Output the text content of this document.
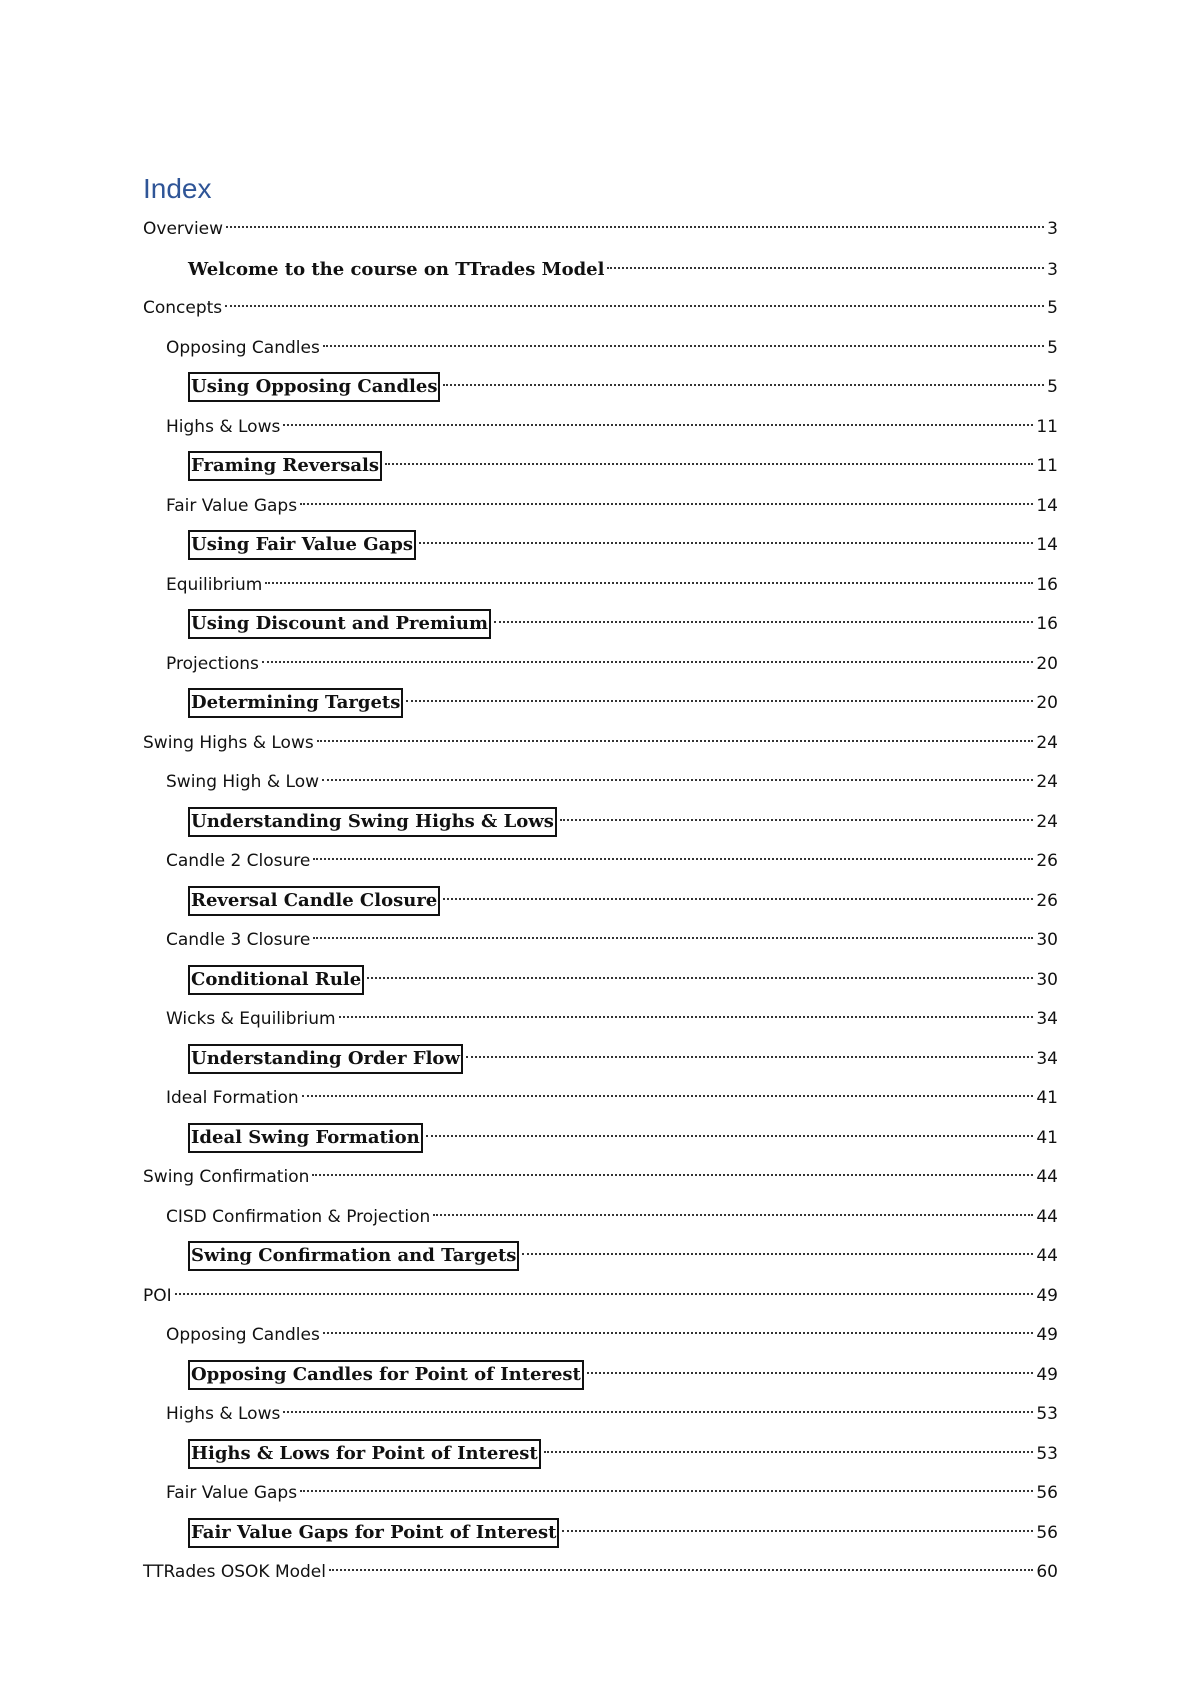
Index
Overview	3
Welcome to the course on TTrades Model	3
Concepts	5
Opposing Candles	5
Using Opposing Candles	5
Highs & Lows	11
Framing Reversals	11
Fair Value Gaps	14
Using Fair Value Gaps	14
Equilibrium	16
Using Discount and Premium	16
Projections	20
Determining Targets	20
Swing Highs & Lows	24
Swing High & Low	24
Understanding Swing Highs & Lows	24
Candle 2 Closure	26
Reversal Candle Closure	26
Candle 3 Closure	30
Conditional Rule	30
Wicks & Equilibrium	34
Understanding Order Flow	34
Ideal Formation	41
Ideal Swing Formation	41
Swing Confirmation	44
CISD Confirmation & Projection	44
Swing Confirmation and Targets	44
POI	49
Opposing Candles	49
Opposing Candles for Point of Interest	49
Highs & Lows	53
Highs & Lows for Point of Interest	53
Fair Value Gaps	56
Fair Value Gaps for Point of Interest	56
TTRades OSOK Model	60
